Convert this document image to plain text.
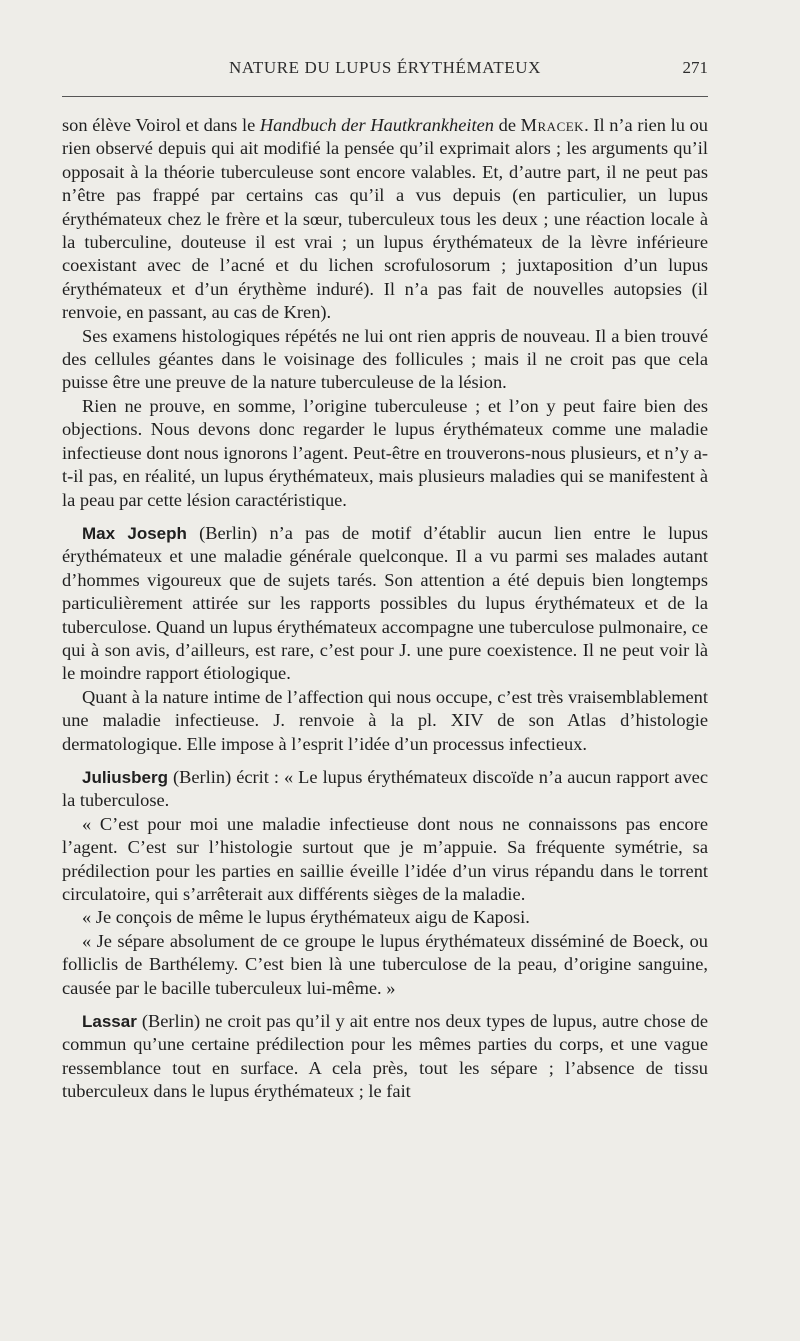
NATURE DU LUPUS ÉRYTHÉMATEUX	271

son élève Voirol et dans le Handbuch der Hautkrankheiten de Mracek. Il n’a rien lu ou rien observé depuis qui ait modifié la pensée qu’il exprimait alors ; les arguments qu’il opposait à la théorie tuberculeuse sont encore valables. Et, d’autre part, il ne peut pas n’être pas frappé par certains cas qu’il a vus depuis (en particulier, un lupus érythémateux chez le frère et la sœur, tuberculeux tous les deux ; une réaction locale à la tuberculine, douteuse il est vrai ; un lupus érythémateux de la lèvre inférieure coexistant avec de l’acné et du lichen scrofulosorum ; juxtaposition d’un lupus érythémateux et d’un érythème induré). Il n’a pas fait de nouvelles autopsies (il renvoie, en passant, au cas de Kren).

Ses examens histologiques répétés ne lui ont rien appris de nouveau. Il a bien trouvé des cellules géantes dans le voisinage des follicules ; mais il ne croit pas que cela puisse être une preuve de la nature tuberculeuse de la lésion.

Rien ne prouve, en somme, l’origine tuberculeuse ; et l’on y peut faire bien des objections. Nous devons donc regarder le lupus érythémateux comme une maladie infectieuse dont nous ignorons l’agent. Peut-être en trouverons-nous plusieurs, et n’y a-t-il pas, en réalité, un lupus érythémateux, mais plusieurs maladies qui se manifestent à la peau par cette lésion caractéristique.

Max Joseph (Berlin) n’a pas de motif d’établir aucun lien entre le lupus érythémateux et une maladie générale quelconque. Il a vu parmi ses malades autant d’hommes vigoureux que de sujets tarés. Son attention a été depuis bien longtemps particulièrement attirée sur les rapports possibles du lupus érythémateux et de la tuberculose. Quand un lupus érythémateux accompagne une tuberculose pulmonaire, ce qui à son avis, d’ailleurs, est rare, c’est pour J. une pure coexistence. Il ne peut voir là le moindre rapport étiologique.

Quant à la nature intime de l’affection qui nous occupe, c’est très vraisemblablement une maladie infectieuse. J. renvoie à la pl. XIV de son Atlas d’histologie dermatologique. Elle impose à l’esprit l’idée d’un processus infectieux.

Juliusberg (Berlin) écrit : « Le lupus érythémateux discoïde n’a aucun rapport avec la tuberculose.

« C’est pour moi une maladie infectieuse dont nous ne connaissons pas encore l’agent. C’est sur l’histologie surtout que je m’appuie. Sa fréquente symétrie, sa prédilection pour les parties en saillie éveille l’idée d’un virus répandu dans le torrent circulatoire, qui s’arrêterait aux différents sièges de la maladie.

« Je conçois de même le lupus érythémateux aigu de Kaposi.

« Je sépare absolument de ce groupe le lupus érythémateux disséminé de Boeck, ou folliclis de Barthélemy. C’est bien là une tuberculose de la peau, d’origine sanguine, causée par le bacille tuberculeux lui-même. »

Lassar (Berlin) ne croit pas qu’il y ait entre nos deux types de lupus, autre chose de commun qu’une certaine prédilection pour les mêmes parties du corps, et une vague ressemblance tout en surface. A cela près, tout les sépare ; l’absence de tissu tuberculeux dans le lupus érythémateux ; le fait
